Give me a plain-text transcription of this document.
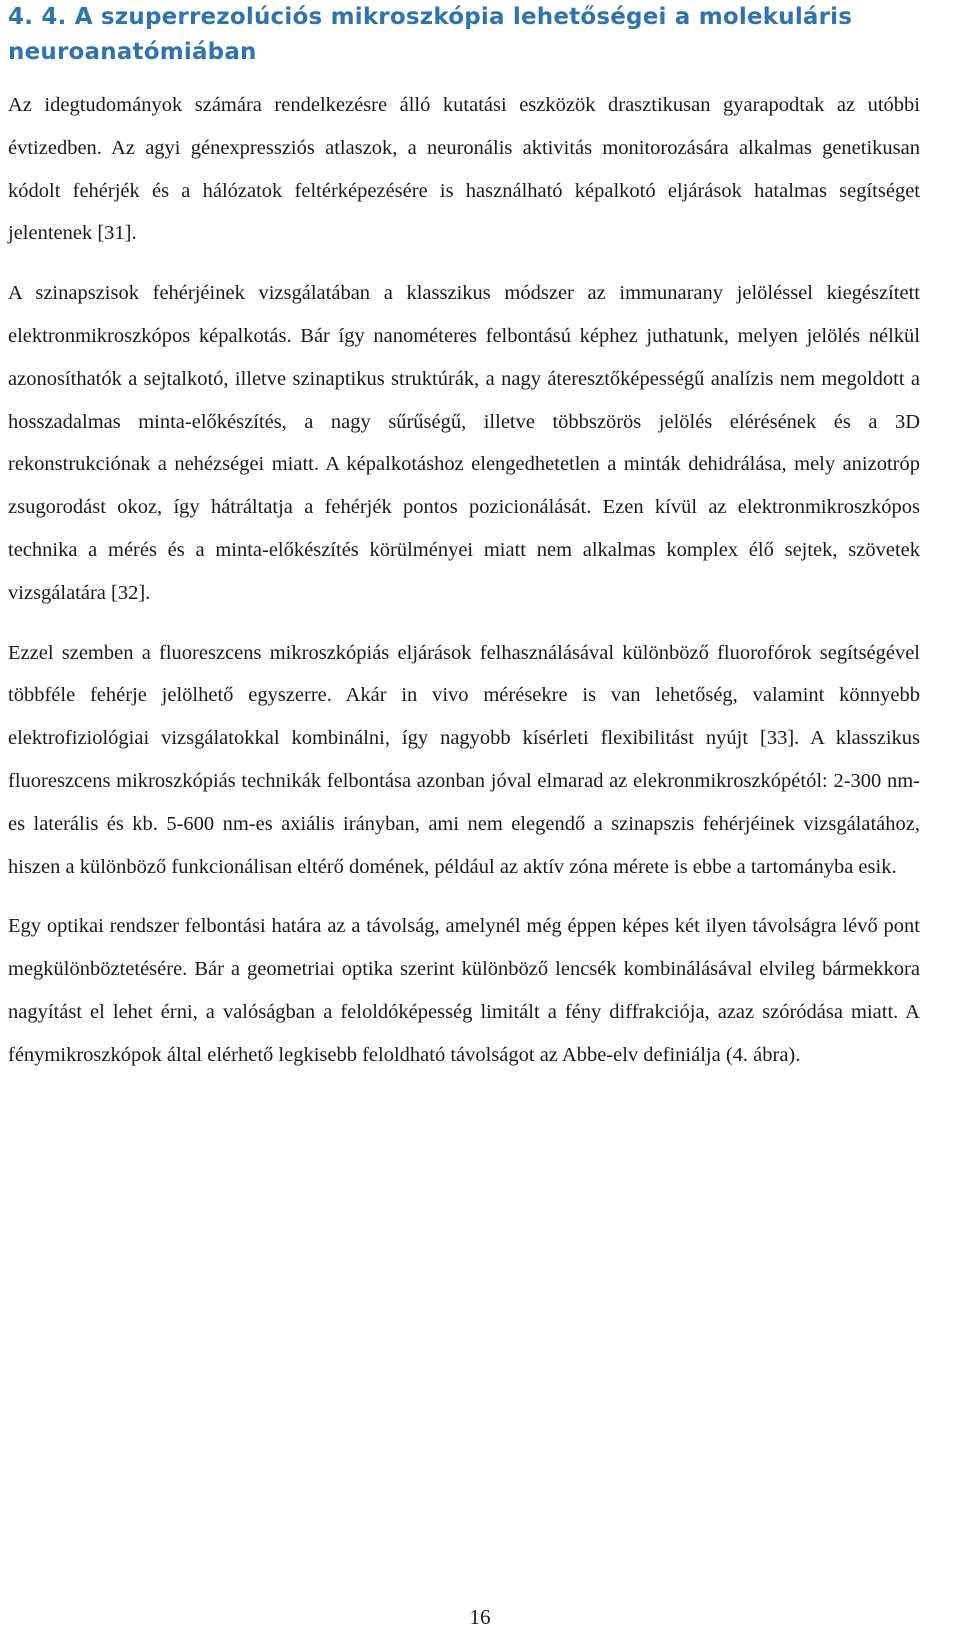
4. 4. A szuperrezolúciós mikroszkópia lehetőségei a molekuláris neuroanatómiában

Az idegtudományok számára rendelkezésre álló kutatási eszközök drasztikusan gyarapodtak az utóbbi évtizedben. Az agyi génexpressziós atlaszok, a neuronális aktivitás monitorozására alkalmas genetikusan kódolt fehérjék és a hálózatok feltérképezésére is használható képalkotó eljárások hatalmas segítséget jelentenek [31].

A szinapszisok fehérjéinek vizsgálatában a klasszikus módszer az immunarany jelöléssel kiegészített elektronmikroszkópos képalkotás. Bár így nanométeres felbontású képhez juthatunk, melyen jelölés nélkül azonosíthatók a sejtalkotó, illetve szinaptikus struktúrák, a nagy áteresztőképességű analízis nem megoldott a hosszadalmas minta-előkészítés, a nagy sűrűségű, illetve többszörös jelölés elérésének és a 3D rekonstrukciónak a nehézségei miatt. A képalkotáshoz elengedhetetlen a minták dehidrálása, mely anizotróp zsugorodást okoz, így hátráltatja a fehérjék pontos pozicionálását. Ezen kívül az elektronmikroszkópos technika a mérés és a minta-előkészítés körülményei miatt nem alkalmas komplex élő sejtek, szövetek vizsgálatára [32].

Ezzel szemben a fluoreszcens mikroszkópiás eljárások felhasználásával különböző fluorofórok segítségével többféle fehérje jelölhető egyszerre. Akár in vivo mérésekre is van lehetőség, valamint könnyebb elektrofiziológiai vizsgálatokkal kombinálni, így nagyobb kísérleti flexibilitást nyújt [33]. A klasszikus fluoreszcens mikroszkópiás technikák felbontása azonban jóval elmarad az elekronmikroszkópétól: 2-300 nm-es laterális és kb. 5-600 nm-es axiális irányban, ami nem elegendő a szinapszis fehérjéinek vizsgálatához, hiszen a különböző funkcionálisan eltérő domének, például az aktív zóna mérete is ebbe a tartományba esik.

Egy optikai rendszer felbontási határa az a távolság, amelynél még éppen képes két ilyen távolságra lévő pont megkülönböztetésére. Bár a geometriai optika szerint különböző lencsék kombinálásával elvileg bármekkora nagyítást el lehet érni, a valóságban a feloldóképesség limitált a fény diffrakciója, azaz szóródása miatt. A fénymikroszkópok által elérhető legkisebb feloldható távolságot az Abbe-elv definiálja (4. ábra).

16
